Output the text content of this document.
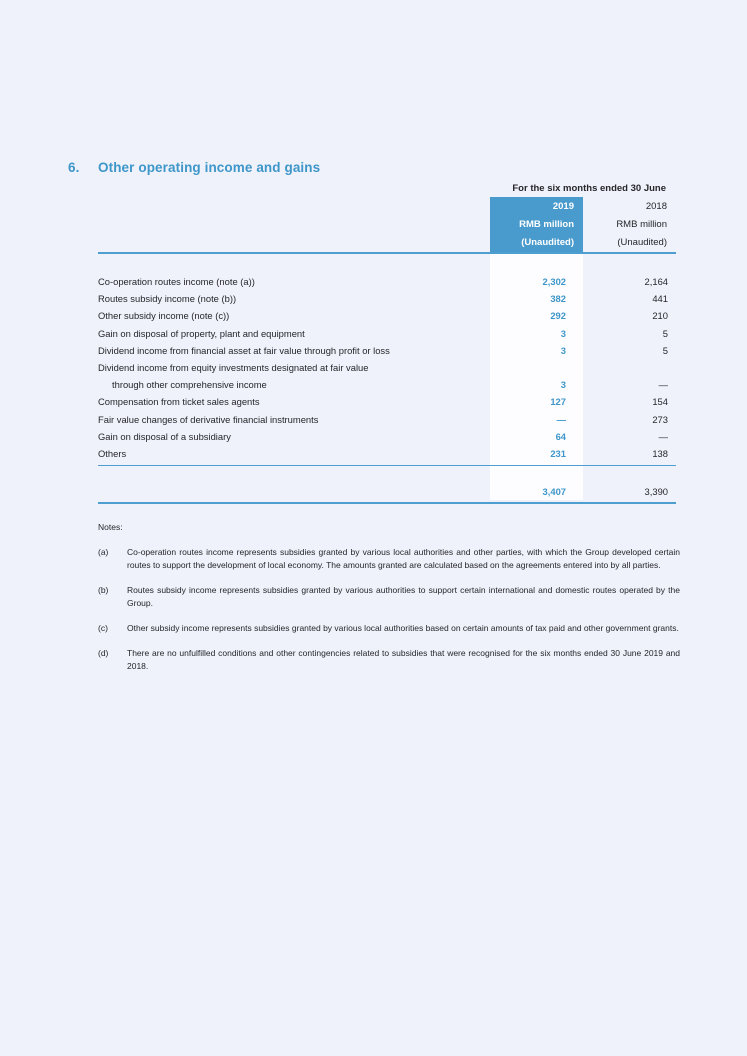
6.	Other operating income and gains
For the six months ended 30 June
2019
RMB million
(Unaudited)
2018
RMB million
(Unaudited)
Co-operation routes income (note (a))	2,302	2,164
Routes subsidy income (note (b))	382	441
Other subsidy income (note (c))	292	210
Gain on disposal of property, plant and equipment	3	5
Dividend income from financial asset at fair value through profit or loss	3	5
Dividend income from equity investments designated at fair value
through other comprehensive income	3	—
Compensation from ticket sales agents	127	154
Fair value changes of derivative financial instruments	—	273
Gain on disposal of a subsidiary	64	—
Others	231	138
3,407	3,390
Notes:
(a)	Co-operation routes income represents subsidies granted by various local authorities and other parties, with which the Group developed certain routes to support the development of local economy. The amounts granted are calculated based on the agreements entered into by all parties.
(b)	Routes subsidy income represents subsidies granted by various authorities to support certain international and domestic routes operated by the Group.
(c)	Other subsidy income represents subsidies granted by various local authorities based on certain amounts of tax paid and other government grants.
(d)	There are no unfulfilled conditions and other contingencies related to subsidies that were recognised for the six months ended 30 June 2019 and 2018.
